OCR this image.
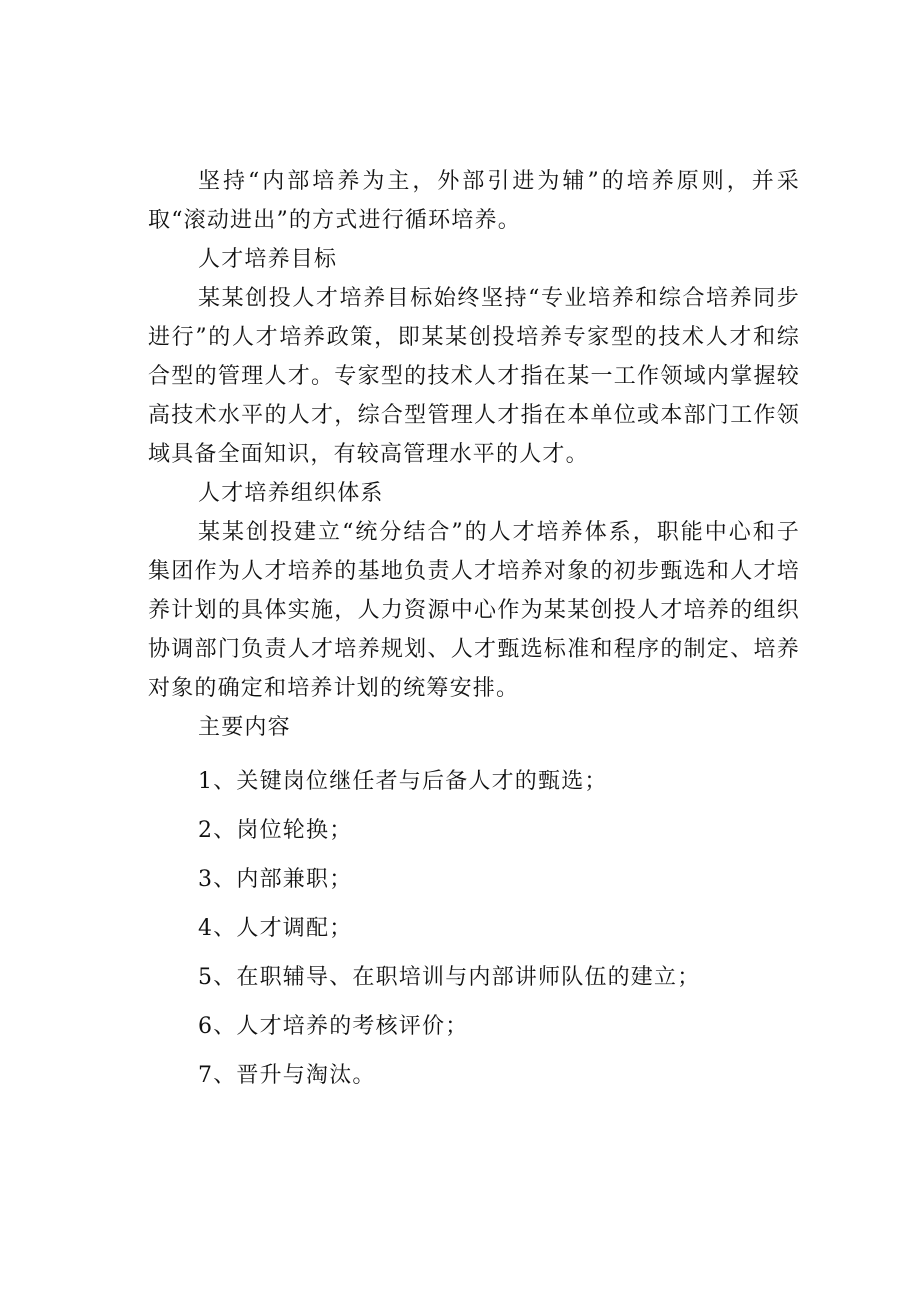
坚持“内部培养为主，外部引进为辅”的培养原则，并采取“滚动进出”的方式进行循环培养。

人才培养目标

某某创投人才培养目标始终坚持“专业培养和综合培养同步进行”的人才培养政策，即某某创投培养专家型的技术人才和综合型的管理人才。专家型的技术人才指在某一工作领域内掌握较高技术水平的人才，综合型管理人才指在本单位或本部门工作领域具备全面知识，有较高管理水平的人才。

人才培养组织体系

某某创投建立“统分结合”的人才培养体系，职能中心和子集团作为人才培养的基地负责人才培养对象的初步甄选和人才培养计划的具体实施，人力资源中心作为某某创投人才培养的组织协调部门负责人才培养规划、人才甄选标准和程序的制定、培养对象的确定和培养计划的统筹安排。

主要内容

1、关键岗位继任者与后备人才的甄选；
2、岗位轮换；
3、内部兼职；
4、人才调配；
5、在职辅导、在职培训与内部讲师队伍的建立；
6、人才培养的考核评价；
7、晋升与淘汰。
